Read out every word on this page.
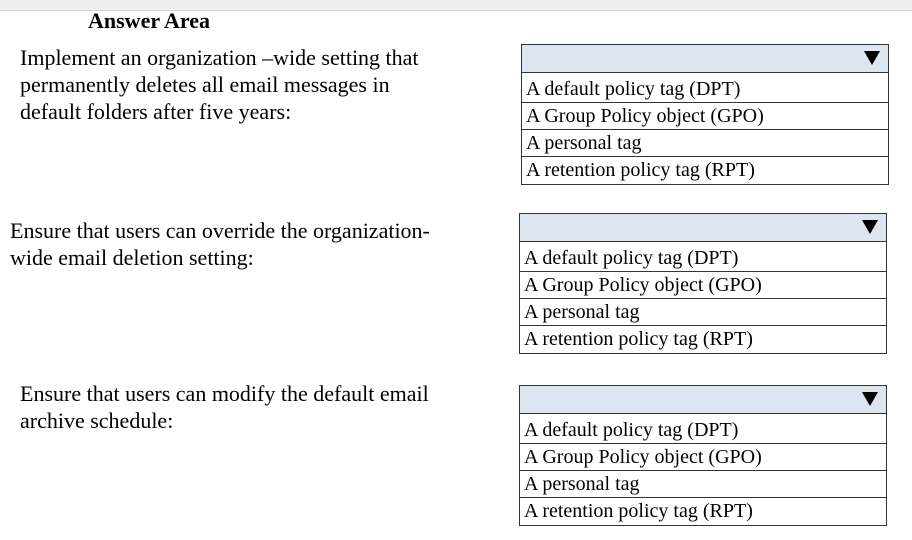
Answer Area
Implement an organization –wide setting that
permanently deletes all email messages in
default folders after five years:
A default policy tag (DPT)
A Group Policy object (GPO)
A personal tag
A retention policy tag (RPT)
Ensure that users can override the organization-
wide email deletion setting:	A default policy tag (DPT)
A Group Policy object (GPO)
A personal tag
A retention policy tag (RPT)
Ensure that users can modify the default email
archive schedule:	A default policy tag (DPT)
A Group Policy object (GPO)
A personal tag
A retention policy tag (RPT)
